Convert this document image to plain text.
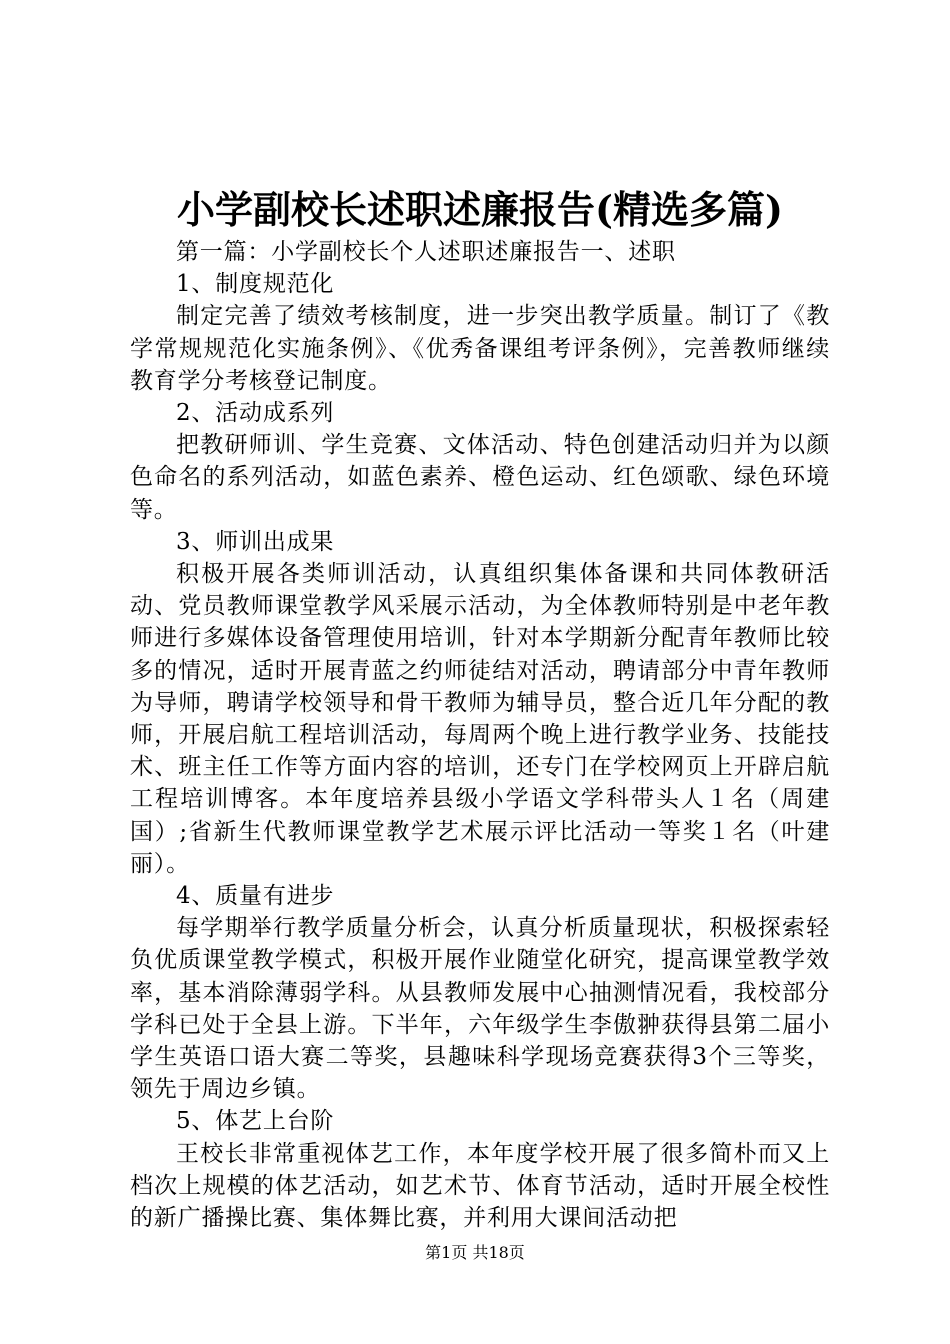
小学副校长述职述廉报告(精选多篇)

第一篇：小学副校长个人述职述廉报告一、述职

1、制度规范化

制定完善了绩效考核制度，进一步突出教学质量。制订了《教学常规规范化实施条例》、《优秀备课组考评条例》，完善教师继续教育学分考核登记制度。

2、活动成系列

把教研师训、学生竞赛、文体活动、特色创建活动归并为以颜色命名的系列活动，如蓝色素养、橙色运动、红色颂歌、绿色环境等。

3、师训出成果

积极开展各类师训活动，认真组织集体备课和共同体教研活动、党员教师课堂教学风采展示活动，为全体教师特别是中老年教师进行多媒体设备管理使用培训，针对本学期新分配青年教师比较多的情况，适时开展青蓝之约师徒结对活动，聘请部分中青年教师为导师，聘请学校领导和骨干教师为辅导员，整合近几年分配的教师，开展启航工程培训活动，每周两个晚上进行教学业务、技能技术、班主任工作等方面内容的培训，还专门在学校网页上开辟启航工程培训博客。本年度培养县级小学语文学科带头人１名（周建国）;省新生代教师课堂教学艺术展示评比活动一等奖１名（叶建丽）。

4、质量有进步

每学期举行教学质量分析会，认真分析质量现状，积极探索轻负优质课堂教学模式，积极开展作业随堂化研究，提高课堂教学效率，基本消除薄弱学科。从县教师发展中心抽测情况看，我校部分学科已处于全县上游。下半年，六年级学生李傲翀获得县第二届小学生英语口语大赛二等奖，县趣味科学现场竞赛获得3个三等奖，领先于周边乡镇。

5、体艺上台阶

王校长非常重视体艺工作，本年度学校开展了很多简朴而又上档次上规模的体艺活动，如艺术节、体育节活动，适时开展全校性的新广播操比赛、集体舞比赛，并利用大课间活动把

第1页 共18页
